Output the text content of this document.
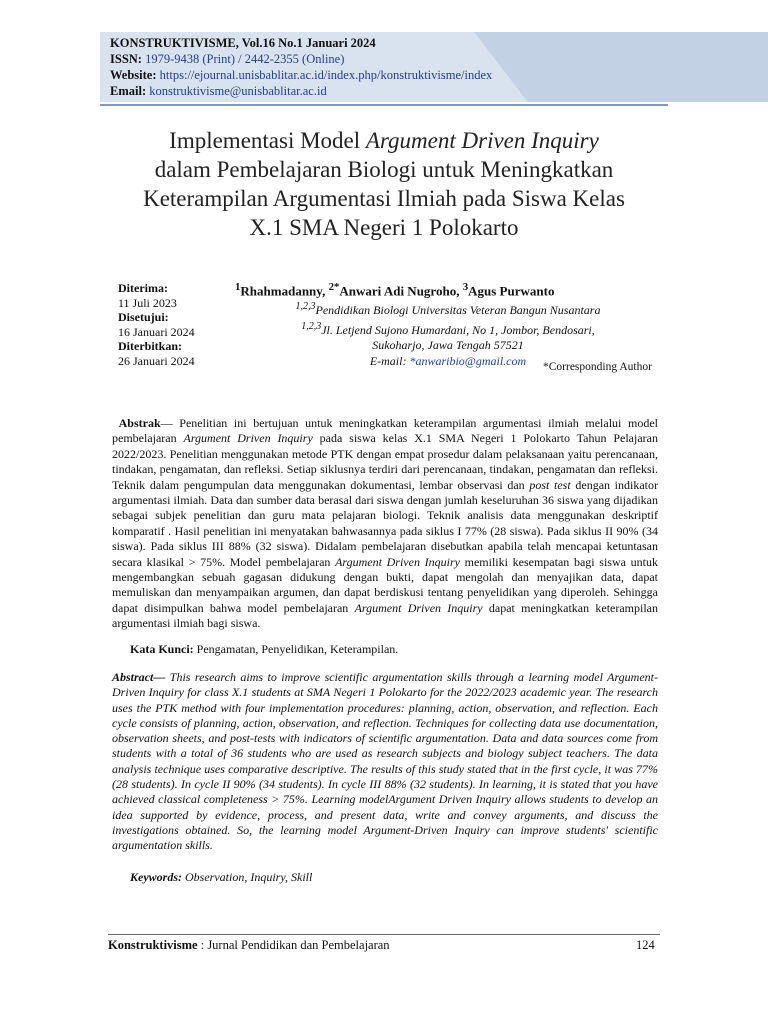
KONSTRUKTIVISME, Vol.16 No.1 Januari 2024
ISSN: 1979-9438 (Print) / 2442-2355 (Online)
Website: https://ejournal.unisbablitar.ac.id/index.php/konstruktivisme/index
Email: konstruktivisme@unisbablitar.ac.id
Implementasi Model Argument Driven Inquiry
dalam Pembelajaran Biologi untuk Meningkatkan
Keterampilan Argumentasi Ilmiah pada Siswa Kelas
X.1 SMA Negeri 1 Polokarto
Diterima:
11 Juli 2023
Disetujui:
16 Januari 2024
Diterbitkan:
26 Januari 2024
$^1$Rhahmadanny, $^{2*}$Anwari Adi Nugroho, $^3$Agus Purwanto
$^{1,2,3}$Pendidikan Biologi Universitas Veteran Bangun Nusantara
$^{1,2,3}$Jl. Letjend Sujono Humardani, No 1, Jombor, Bendosari,
Sukoharjo, Jawa Tengah 57521
E-mail: *anwaribio@gmail.com	*Corresponding Author
Abstrak— Penelitian ini bertujuan untuk meningkatkan keterampilan argumentasi ilmiah melalui model pembelajaran Argument Driven Inquiry pada siswa kelas X.1 SMA Negeri 1 Polokarto Tahun Pelajaran 2022/2023. Penelitian menggunakan metode PTK dengan empat prosedur dalam pelaksanaan yaitu perencanaan, tindakan, pengamatan, dan refleksi. Setiap siklusnya terdiri dari perencanaan, tindakan, pengamatan dan refleksi. Teknik dalam pengumpulan data menggunakan dokumentasi, lembar observasi dan post test dengan indikator argumentasi ilmiah. Data dan sumber data berasal dari siswa dengan jumlah keseluruhan 36 siswa yang dijadikan sebagai subjek penelitian dan guru mata pelajaran biologi. Teknik analisis data menggunakan deskriptif komparatif . Hasil penelitian ini menyatakan bahwasannya pada siklus I 77% (28 siswa). Pada siklus II 90% (34 siswa). Pada siklus III 88% (32 siswa). Didalam pembelajaran disebutkan apabila telah mencapai ketuntasan secara klasikal > 75%. Model pembelajaran Argument Driven Inquiry memiliki kesempatan bagi siswa untuk mengembangkan sebuah gagasan didukung dengan bukti, dapat mengolah dan menyajikan data, dapat memuliskan dan menyampaikan argumen, dan dapat berdiskusi tentang penyelidikan yang diperoleh. Sehingga dapat disimpulkan bahwa model pembelajaran Argument Driven Inquiry dapat meningkatkan keterampilan argumentasi ilmiah bagi siswa.
Kata Kunci: Pengamatan, Penyelidikan, Keterampilan.
Abstract— This research aims to improve scientific argumentation skills through a learning model Argument-Driven Inquiry for class X.1 students at SMA Negeri 1 Polokarto for the 2022/2023 academic year. The research uses the PTK method with four implementation procedures: planning, action, observation, and reflection. Each cycle consists of planning, action, observation, and reflection. Techniques for collecting data use documentation, observation sheets, and post-tests with indicators of scientific argumentation. Data and data sources come from students with a total of 36 students who are used as research subjects and biology subject teachers. The data analysis technique uses comparative descriptive. The results of this study stated that in the first cycle, it was 77% (28 students). In cycle II 90% (34 students). In cycle III 88% (32 students). In learning, it is stated that you have achieved classical completeness > 75%. Learning modelArgument Driven Inquiry allows students to develop an idea supported by evidence, process, and present data, write and convey arguments, and discuss the investigations obtained. So, the learning model Argument-Driven Inquiry can improve students' scientific argumentation skills.
Keywords: Observation, Inquiry, Skill
Konstruktivisme : Jurnal Pendidikan dan Pembelajaran	124
